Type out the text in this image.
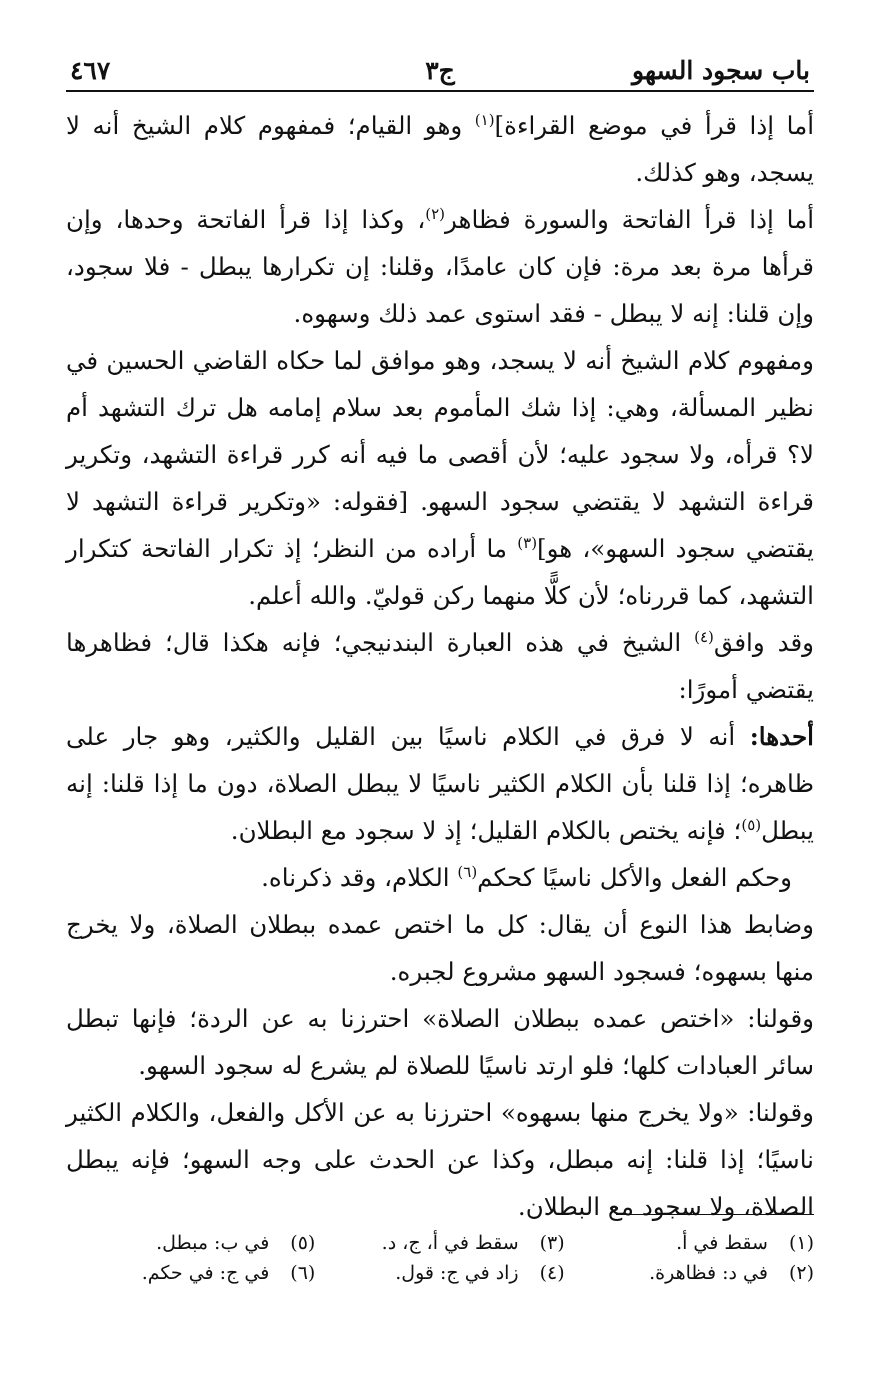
باب سجود السهو
ج٣
٤٦٧

أما إذا قرأ في موضع القراءة]$^{(١)}$ وهو القيام؛ فمفهوم كلام الشيخ أنه لا يسجد، وهو كذلك.

أما إذا قرأ الفاتحة والسورة فظاهر$^{(٢)}$، وكذا إذا قرأ الفاتحة وحدها، وإن قرأها مرة بعد مرة: فإن كان عامدًا، وقلنا: إن تكرارها يبطل - فلا سجود، وإن قلنا: إنه لا يبطل - فقد استوى عمد ذلك وسهوه.

ومفهوم كلام الشيخ أنه لا يسجد، وهو موافق لما حكاه القاضي الحسين في نظير المسألة، وهي: إذا شك المأموم بعد سلام إمامه هل ترك التشهد أم لا؟ قرأه، ولا سجود عليه؛ لأن أقصى ما فيه أنه كرر قراءة التشهد، وتكرير قراءة التشهد لا يقتضي سجود السهو. [فقوله: «وتكرير قراءة التشهد لا يقتضي سجود السهو»، هو]$^{(٣)}$ ما أراده من النظر؛ إذ تكرار الفاتحة كتكرار التشهد، كما قررناه؛ لأن كلًّا منهما ركن قوليّ. والله أعلم.

وقد وافق$^{(٤)}$ الشيخ في هذه العبارة البندنيجي؛ فإنه هكذا قال؛ فظاهرها يقتضي أمورًا:

أحدها: أنه لا فرق في الكلام ناسيًا بين القليل والكثير، وهو جار على ظاهره؛ إذا قلنا بأن الكلام الكثير ناسيًا لا يبطل الصلاة، دون ما إذا قلنا: إنه يبطل$^{(٥)}$؛ فإنه يختص بالكلام القليل؛ إذ لا سجود مع البطلان.

وحكم الفعل والأكل ناسيًا كحكم$^{(٦)}$ الكلام، وقد ذكرناه.

وضابط هذا النوع أن يقال: كل ما اختص عمده ببطلان الصلاة، ولا يخرج منها بسهوه؛ فسجود السهو مشروع لجبره.

وقولنا: «اختص عمده ببطلان الصلاة» احترزنا به عن الردة؛ فإنها تبطل سائر العبادات كلها؛ فلو ارتد ناسيًا للصلاة لم يشرع له سجود السهو.

وقولنا: «ولا يخرج منها بسهوه» احترزنا به عن الأكل والفعل، والكلام الكثير ناسيًا؛ إذا قلنا: إنه مبطل، وكذا عن الحدث على وجه السهو؛ فإنه يبطل الصلاة، ولا سجود مع البطلان.

(١) سقط في أ.
(٣) سقط في أ، ج، د.
(٥) في ب: مبطل.
(٢) في د: فظاهرة.
(٤) زاد في ج: قول.
(٦) في ج: في حكم.
